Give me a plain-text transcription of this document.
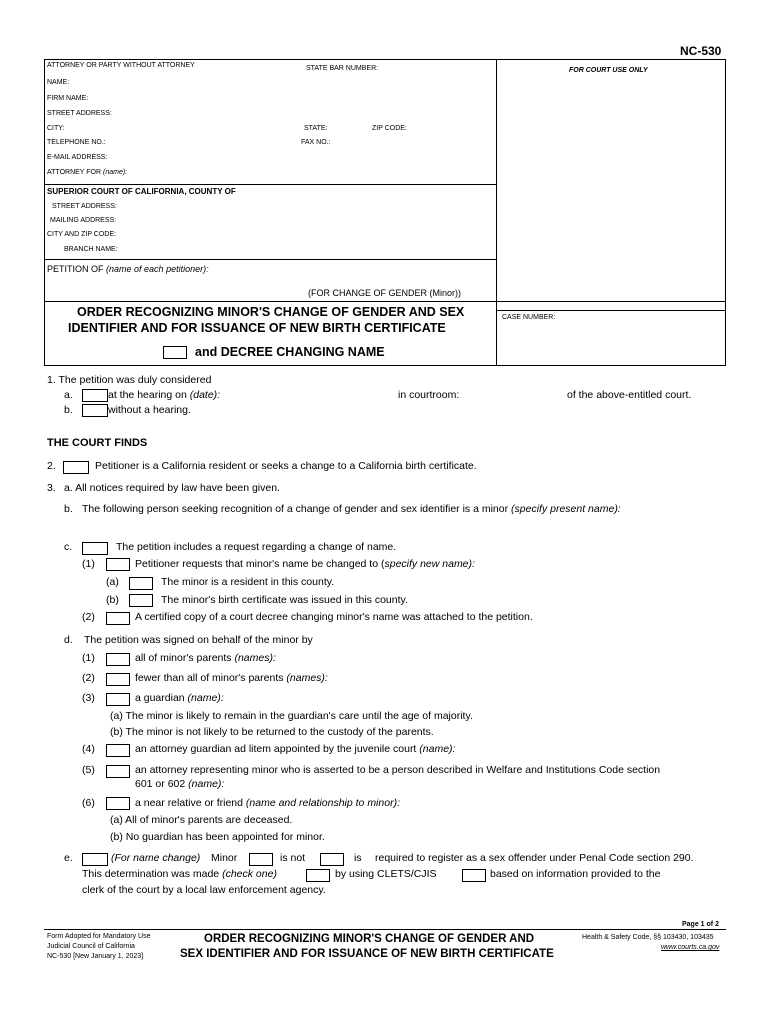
NC-530
ATTORNEY OR PARTY WITHOUT ATTORNEY	STATE BAR NUMBER:	FOR COURT USE ONLY
NAME:
FIRM NAME:
STREET ADDRESS:
CITY:	STATE:	ZIP CODE:
TELEPHONE NO.:	FAX NO.:
E-MAIL ADDRESS:
ATTORNEY FOR (name):
SUPERIOR COURT OF CALIFORNIA, COUNTY OF
STREET ADDRESS:
MAILING ADDRESS:
CITY AND ZIP CODE:
BRANCH NAME:
PETITION OF (name of each petitioner):
(FOR CHANGE OF GENDER (Minor))
ORDER RECOGNIZING MINOR'S CHANGE OF GENDER AND SEX
IDENTIFIER AND FOR ISSUANCE OF NEW BIRTH CERTIFICATE
and DECREE CHANGING NAME
CASE NUMBER:
1. The petition was duly considered
a.	at the hearing on (date):	in courtroom:	of the above-entitled court.
b.	without a hearing.
THE COURT FINDS
2.	Petitioner is a California resident or seeks a change to a California birth certificate.
3. a. All notices required by law have been given.
b. The following person seeking recognition of a change of gender and sex identifier is a minor (specify present name):
c.	The petition includes a request regarding a change of name.
(1)	Petitioner requests that minor's name be changed to (specify new name):
(a)	The minor is a resident in this county.
(b)	The minor's birth certificate was issued in this county.
(2)	A certified copy of a court decree changing minor's name was attached to the petition.
d. The petition was signed on behalf of the minor by
(1)	all of minor's parents (names):
(2)	fewer than all of minor's parents (names):
(3)	a guardian (name):
(a) The minor is likely to remain in the guardian's care until the age of majority.
(b) The minor is not likely to be returned to the custody of the parents.
(4)	an attorney guardian ad litem appointed by the juvenile court (name):
(5)	an attorney representing minor who is asserted to be a person described in Welfare and Institutions Code section
601 or 602 (name):
(6)	a near relative or friend (name and relationship to minor):
(a) All of minor's parents are deceased.
(b) No guardian has been appointed for minor.
e.	(For name change) Minor	is not	is required to register as a sex offender under Penal Code section 290.
This determination was made (check one)	by using CLETS/CJIS	based on information provided to the
clerk of the court by a local law enforcement agency.
Page 1 of 2
Form Adopted for Mandatory Use
Judicial Council of California
NC-530 [New January 1, 2023]
ORDER RECOGNIZING MINOR'S CHANGE OF GENDER AND
SEX IDENTIFIER AND FOR ISSUANCE OF NEW BIRTH CERTIFICATE
Health & Safety Code, §§ 103430, 103435
www.courts.ca.gov
